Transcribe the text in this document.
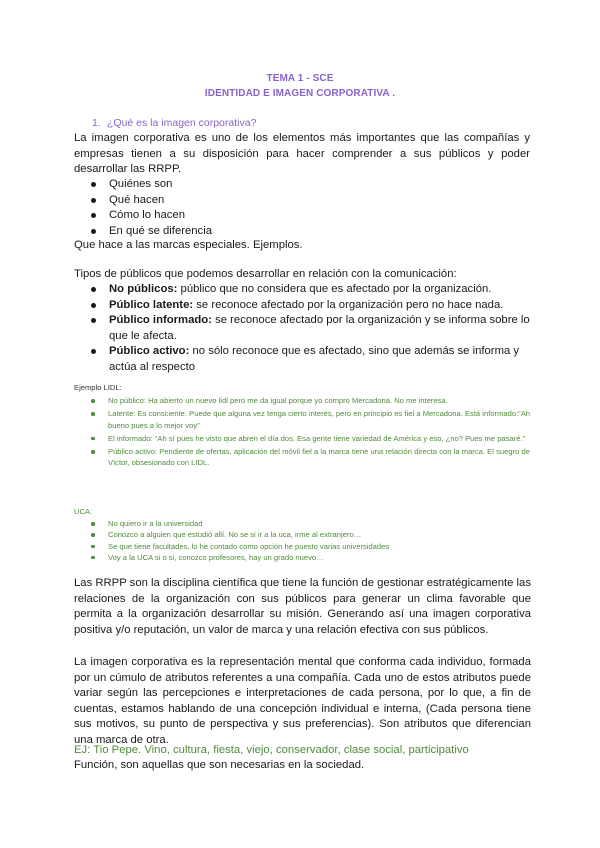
TEMA 1 - SCE
IDENTIDAD E IMAGEN CORPORATIVA .
1. ¿Qué es la imagen corporativa?
La imagen corporativa es uno de los elementos más importantes que las compañías y empresas tienen a su disposición para hacer comprender a sus públicos y poder desarrollar las RRPP.
Quiénes son
Qué hacen
Cómo lo hacen
En qué se diferencia
Que hace a las marcas especiales. Ejemplos.
Tipos de públicos que podemos desarrollar en relación con la comunicación:
No públicos: público que no considera que es afectado por la organización.
Público latente: se reconoce afectado por la organización pero no hace nada.
Público informado: se reconoce afectado por la organización y se informa sobre lo que le afecta.
Público activo: no sólo reconoce que es afectado, sino que además se informa y actúa al respecto
Ejemplo LIDL:
No público: Ha abierto un nuevo lidl pero me da igual porque yo compro Mercadona. No me interesa.
Latente: Es consciente. Puede que alguna vez tenga cierto interés, pero en principio es fiel a Mercadona. Está informado:“Ah bueno pues a lo mejor voy”
El informado: “Ah sí pues he visto que abren el día dos. Esa gente tiene variedad de América y eso, ¿no? Pues me pasaré.”
Público activo: Pendiente de ofertas, aplicación del móvil fiel a la marca tiene una relación directa con la marca. El suegro de Víctor, obsesionado con LIDL.
UCA:
No quiero ir a la universidad
Conozco a alguien que estudió allí. No se si ir a la uca, irme al extranjero…
Se que tiene facultades, lo he contado como opción he puesto varias universidades
Voy a la UCA si o si, conozco profesores, hay un grado nuevo…
Las RRPP son la disciplina científica que tiene la función de gestionar estratégicamente las relaciones de la organización con sus públicos para generar un clima favorable que permita a la organización desarrollar su misión. Generando así una imagen corporativa positiva y/o reputación, un valor de marca y una relación efectiva con sus públicos.
La imagen corporativa es la representación mental que conforma cada individuo, formada por un cúmulo de atributos referentes a una compañía. Cada uno de estos atributos puede variar según las percepciones e interpretaciones de cada persona, por lo que, a fin de cuentas, estamos hablando de una concepción individual e interna, (Cada persona tiene sus motivos, su punto de perspectiva y sus preferencias). Son atributos que diferencian una marca de otra.
EJ: Tio Pepe. Vino, cultura, fiesta, viejo, conservador, clase social, participativo
Función, son aquellas que son necesarias en la sociedad.
